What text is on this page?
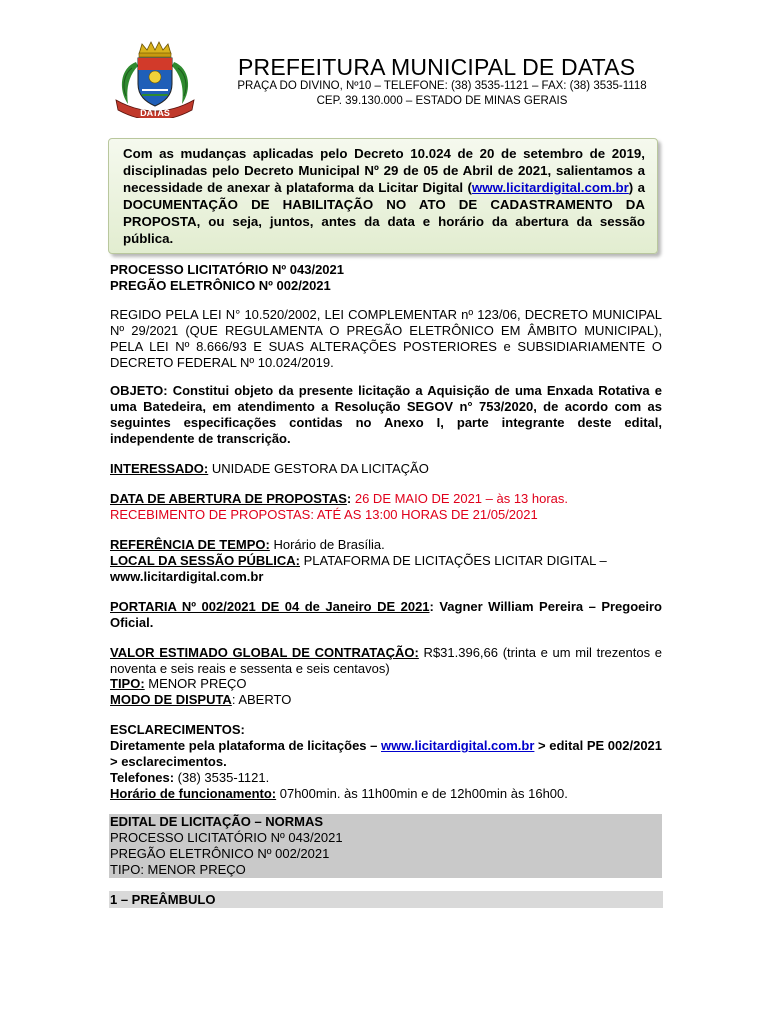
DATAS
PREFEITURA MUNICIPAL DE DATAS
PRAÇA DO DIVINO, Nº10 – TELEFONE: (38) 3535-1121 – FAX: (38) 3535-1118
CEP. 39.130.000 – ESTADO DE MINAS GERAIS
Com as mudanças aplicadas pelo Decreto 10.024 de 20 de setembro de 2019, disciplinadas pelo Decreto Municipal Nº 29 de 05 de Abril de 2021, salientamos a necessidade de anexar à plataforma da Licitar Digital (www.licitardigital.com.br) a DOCUMENTAÇÃO DE HABILITAÇÃO NO ATO DE CADASTRAMENTO DA PROPOSTA, ou seja, juntos, antes da data e horário da abertura da sessão pública.
PROCESSO LICITATÓRIO Nº 043/2021
PREGÃO ELETRÔNICO Nº 002/2021
REGIDO PELA LEI N° 10.520/2002, LEI COMPLEMENTAR nº 123/06, DECRETO MUNICIPAL Nº 29/2021 (QUE REGULAMENTA O PREGÃO ELETRÔNICO EM ÂMBITO MUNICIPAL), PELA LEI Nº 8.666/93 E SUAS ALTERAÇÕES POSTERIORES e SUBSIDIARIAMENTE O DECRETO FEDERAL Nº 10.024/2019.
OBJETO: Constitui objeto da presente licitação a Aquisição de uma Enxada Rotativa e uma Batedeira, em atendimento a Resolução SEGOV n° 753/2020, de acordo com as seguintes especificações contidas no Anexo I, parte integrante deste edital, independente de transcrição.
INTERESSADO: UNIDADE GESTORA DA LICITAÇÃO
DATA DE ABERTURA DE PROPOSTAS: 26 DE MAIO DE 2021 – às 13 horas.
RECEBIMENTO DE PROPOSTAS: ATÉ AS 13:00 HORAS DE 21/05/2021
REFERÊNCIA DE TEMPO: Horário de Brasília.
LOCAL DA SESSÃO PÚBLICA: PLATAFORMA DE LICITAÇÕES LICITAR DIGITAL –
www.licitardigital.com.br
PORTARIA Nº 002/2021 DE 04 de Janeiro DE 2021: Vagner William Pereira – Pregoeiro Oficial.
VALOR ESTIMADO GLOBAL DE CONTRATAÇÃO: R$31.396,66 (trinta e um mil trezentos e noventa e seis reais e sessenta e seis centavos)
TIPO: MENOR PREÇO
MODO DE DISPUTA: ABERTO
ESCLARECIMENTOS:
Diretamente pela plataforma de licitações – www.licitardigital.com.br > edital PE 002/2021 > esclarecimentos.
Telefones: (38) 3535-1121.
Horário de funcionamento: 07h00min. às 11h00min e de 12h00min às 16h00.
EDITAL DE LICITAÇÃO – NORMAS
PROCESSO LICITATÓRIO Nº 043/2021
PREGÃO ELETRÔNICO Nº 002/2021
TIPO: MENOR PREÇO
1 – PREÂMBULO
